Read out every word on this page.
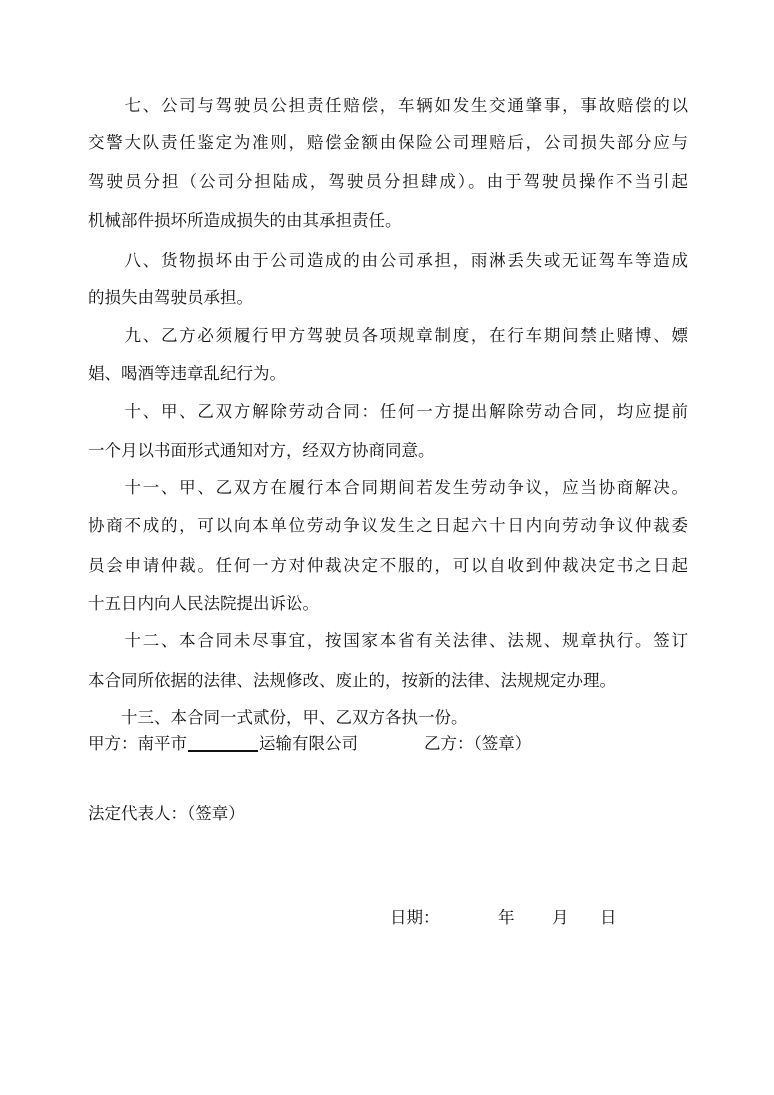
　　七、公司与驾驶员公担责任赔偿，车辆如发生交通肇事，事故赔偿的以
交警大队责任鉴定为准则，赔偿金额由保险公司理赔后，公司损失部分应与
驾驶员分担（公司分担陆成，驾驶员分担肆成）。由于驾驶员操作不当引起
机械部件损坏所造成损失的由其承担责任。
　　八、货物损坏由于公司造成的由公司承担，雨淋丢失或无证驾车等造成
的损失由驾驶员承担。
　　九、乙方必须履行甲方驾驶员各项规章制度，在行车期间禁止赌博、嫖
娼、喝酒等违章乱纪行为。
　　十、甲、乙双方解除劳动合同：任何一方提出解除劳动合同，均应提前
一个月以书面形式通知对方，经双方协商同意。
　　十一、甲、乙双方在履行本合同期间若发生劳动争议，应当协商解决。
协商不成的，可以向本单位劳动争议发生之日起六十日内向劳动争议仲裁委
员会申请仲裁。任何一方对仲裁决定不服的，可以自收到仲裁决定书之日起
十五日内向人民法院提出诉讼。
　　十二、本合同未尽事宜，按国家本省有关法律、法规、规章执行。签订
本合同所依据的法律、法规修改、废止的，按新的法律、法规规定办理。
　　十三、本合同一式贰份，甲、乙双方各执一份。
甲方：南平市	运输有限公司	乙方：（签章）
法定代表人：（签章）
日期：	年 月 日
